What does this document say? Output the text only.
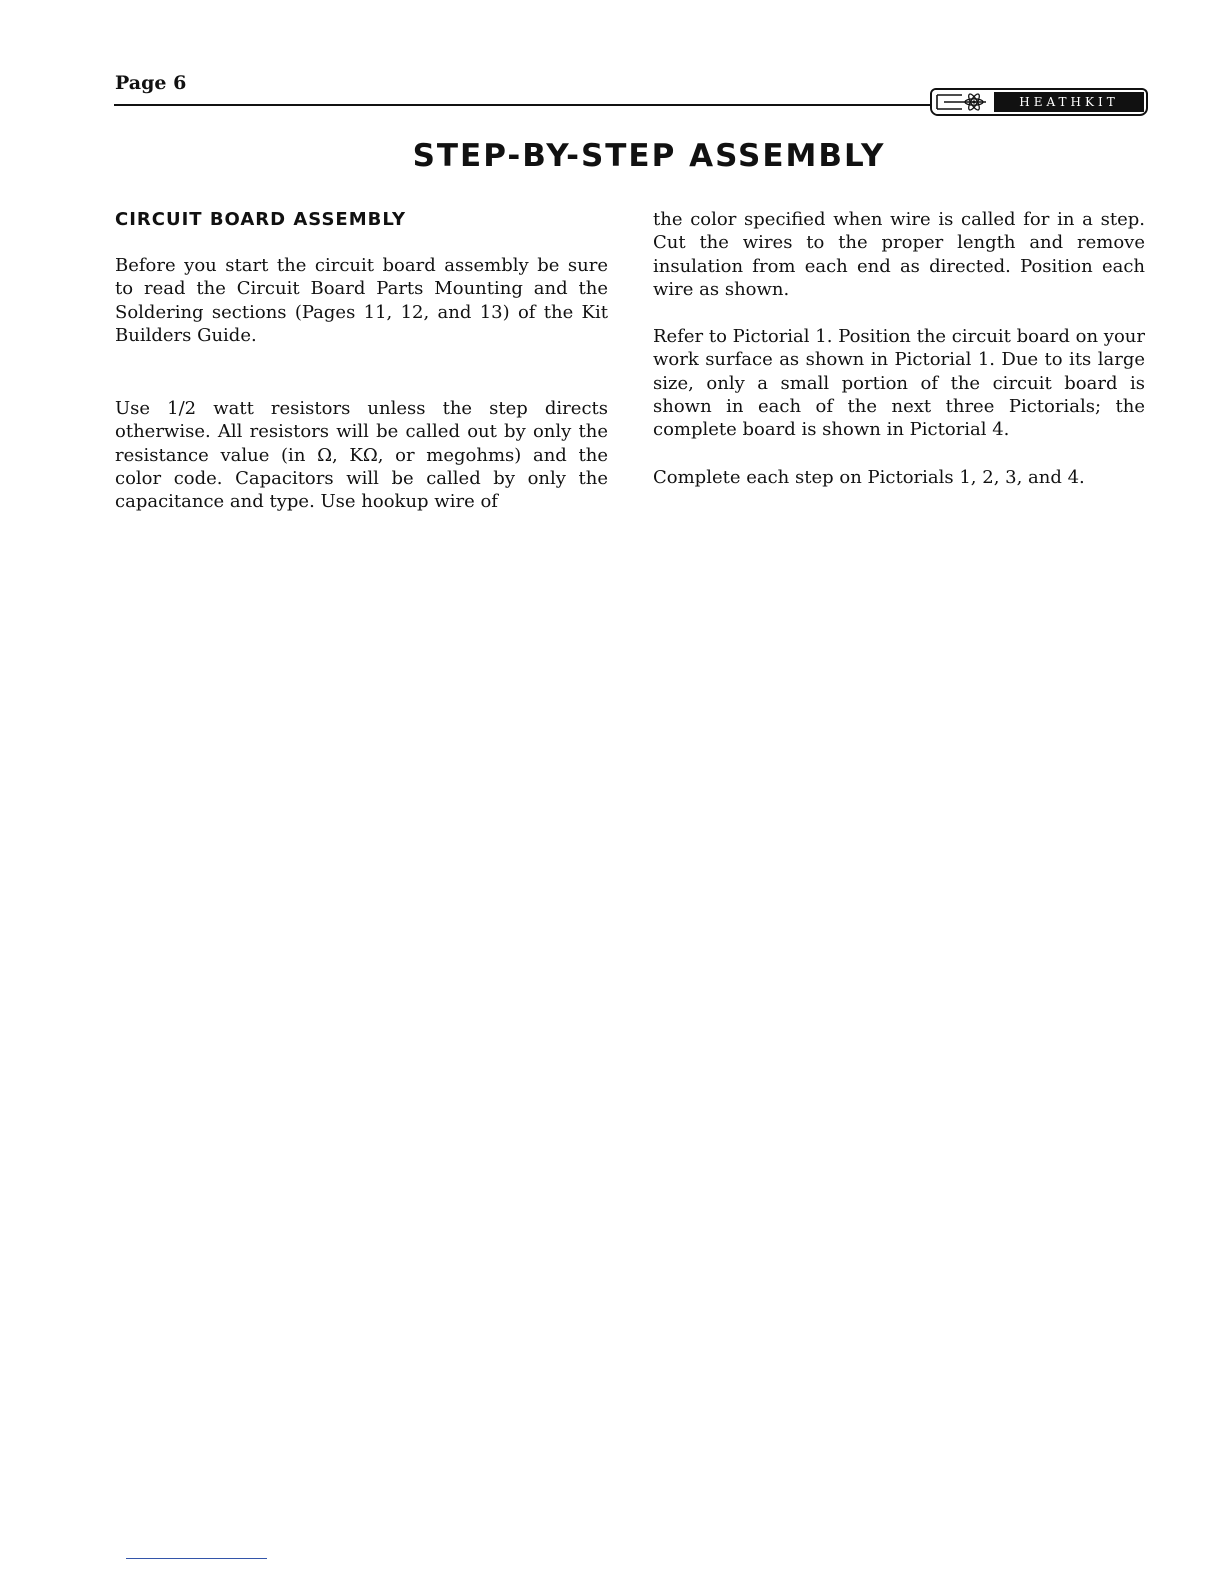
Page 6
HEATHKIT
STEP-BY-STEP ASSEMBLY
CIRCUIT BOARD ASSEMBLY

Before you start the circuit board assembly be sure to read the Circuit Board Parts Mounting and the Soldering sections (Pages 11, 12, and 13) of the Kit Builders Guide.

Use 1/2 watt resistors unless the step directs otherwise. All resistors will be called out by only the resistance value (in Ω, KΩ, or megohms) and the color code. Capacitors will be called by only the capacitance and type. Use hookup wire of

the color specified when wire is called for in a step. Cut the wires to the proper length and remove insulation from each end as directed. Position each wire as shown.

Refer to Pictorial 1. Position the circuit board on your work surface as shown in Pictorial 1. Due to its large size, only a small portion of the circuit board is shown in each of the next three Pictorials; the complete board is shown in Pictorial 4.

Complete each step on Pictorials 1, 2, 3, and 4.
